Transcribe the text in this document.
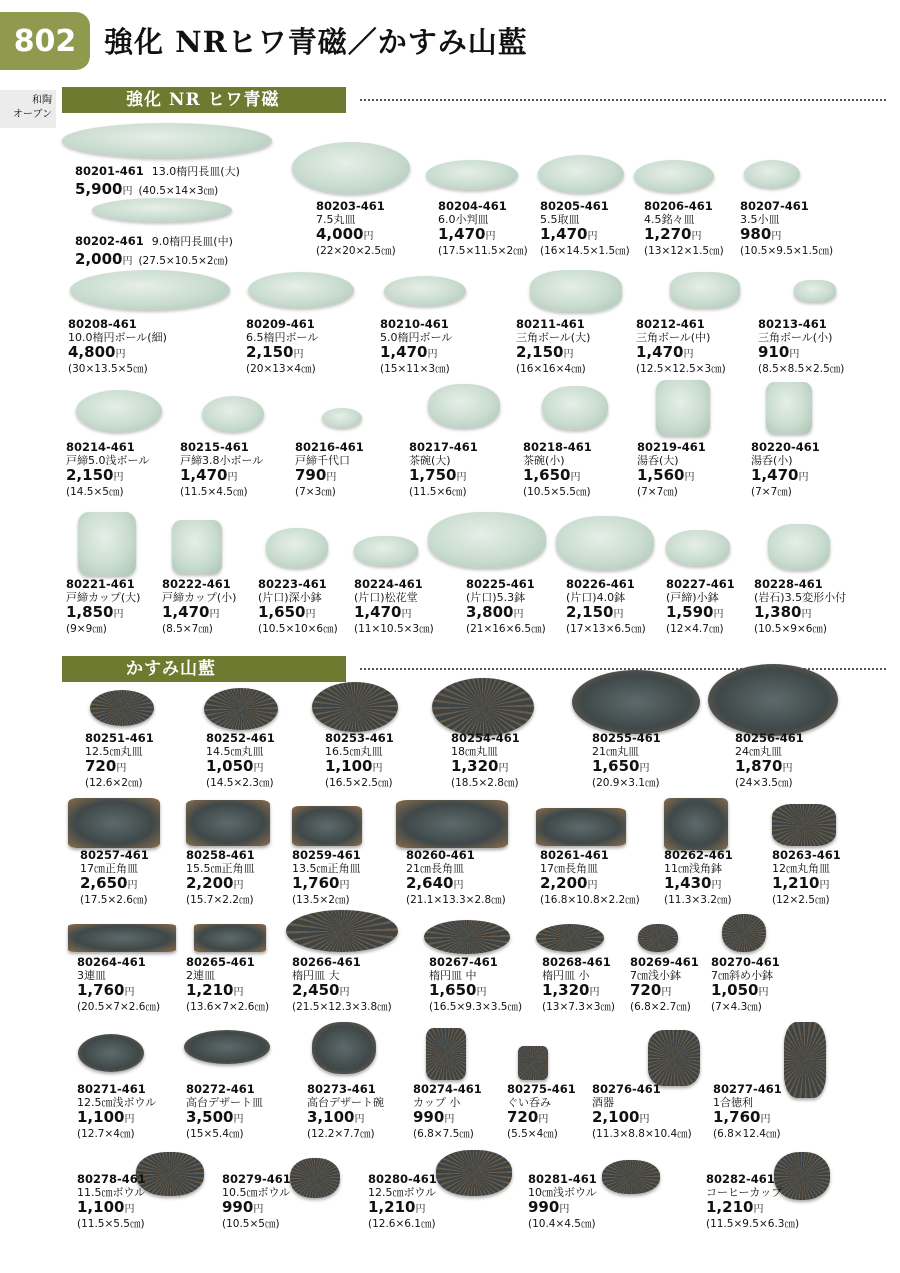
802 強化 NRヒワ青磁／かすみ山藍
和陶
オーブン
強化 NR ヒワ青磁
かすみ山藍
80201-461 13.0楕円長皿(大)
5,900円 (40.5×14×3㎝)
80202-461 9.0楕円長皿(中)
2,000円 (27.5×10.5×2㎝)
80203-461
7.5丸皿
4,000円
(22×20×2.5㎝)
80204-461
6.0小判皿
1,470円
(17.5×11.5×2㎝)
80205-461
5.5取皿
1,470円
(16×14.5×1.5㎝)
80206-461
4.5銘々皿
1,270円
(13×12×1.5㎝)
80207-461
3.5小皿
980円
(10.5×9.5×1.5㎝)
80208-461
10.0楕円ボール(細)
4,800円
(30×13.5×5㎝)
80209-461
6.5楕円ボール
2,150円
(20×13×4㎝)
80210-461
5.0楕円ボール
1,470円
(15×11×3㎝)
80211-461
三角ボール(大)
2,150円
(16×16×4㎝)
80212-461
三角ボール(中)
1,470円
(12.5×12.5×3㎝)
80213-461
三角ボール(小)
910円
(8.5×8.5×2.5㎝)
80214-461
戸締5.0浅ボール
2,150円
(14.5×5㎝)
80215-461
戸締3.8小ボール
1,470円
(11.5×4.5㎝)
80216-461
戸締千代口
790円
(7×3㎝)
80217-461
茶碗(大)
1,750円
(11.5×6㎝)
80218-461
茶碗(小)
1,650円
(10.5×5.5㎝)
80219-461
湯呑(大)
1,560円
(7×7㎝)
80220-461
湯呑(小)
1,470円
(7×7㎝)
80221-461
戸締カップ(大)
1,850円
(9×9㎝)
80222-461
戸締カップ(小)
1,470円
(8.5×7㎝)
80223-461
(片口)深小鉢
1,650円
(10.5×10×6㎝)
80224-461
(片口)松花堂
1,470円
(11×10.5×3㎝)
80225-461
(片口)5.3鉢
3,800円
(21×16×6.5㎝)
80226-461
(片口)4.0鉢
2,150円
(17×13×6.5㎝)
80227-461
(戸締)小鉢
1,590円
(12×4.7㎝)
80228-461
(岩石)3.5変形小付
1,380円
(10.5×9×6㎝)
80251-461
12.5㎝丸皿
720円
(12.6×2㎝)
80252-461
14.5㎝丸皿
1,050円
(14.5×2.3㎝)
80253-461
16.5㎝丸皿
1,100円
(16.5×2.5㎝)
80254-461
18㎝丸皿
1,320円
(18.5×2.8㎝)
80255-461
21㎝丸皿
1,650円
(20.9×3.1㎝)
80256-461
24㎝丸皿
1,870円
(24×3.5㎝)
80257-461
17㎝正角皿
2,650円
(17.5×2.6㎝)
80258-461
15.5㎝正角皿
2,200円
(15.7×2.2㎝)
80259-461
13.5㎝正角皿
1,760円
(13.5×2㎝)
80260-461
21㎝長角皿
2,640円
(21.1×13.3×2.8㎝)
80261-461
17㎝長角皿
2,200円
(16.8×10.8×2.2㎝)
80262-461
11㎝浅角鉢
1,430円
(11.3×3.2㎝)
80263-461
12㎝丸角皿
1,210円
(12×2.5㎝)
80264-461
3連皿
1,760円
(20.5×7×2.6㎝)
80265-461
2連皿
1,210円
(13.6×7×2.6㎝)
80266-461
楕円皿 大
2,450円
(21.5×12.3×3.8㎝)
80267-461
楕円皿 中
1,650円
(16.5×9.3×3.5㎝)
80268-461
楕円皿 小
1,320円
(13×7.3×3㎝)
80269-461
7㎝浅小鉢
720円
(6.8×2.7㎝)
80270-461
7㎝斜め小鉢
1,050円
(7×4.3㎝)
80271-461
12.5㎝浅ボウル
1,100円
(12.7×4㎝)
80272-461
高台デザート皿
3,500円
(15×5.4㎝)
80273-461
高台デザート碗
3,100円
(12.2×7.7㎝)
80274-461
カップ 小
990円
(6.8×7.5㎝)
80275-461
ぐい呑み
720円
(5.5×4㎝)
80276-461
酒器
2,100円
(11.3×8.8×10.4㎝)
80277-461
1合徳利
1,760円
(6.8×12.4㎝)
80278-461
11.5㎝ボウル
1,100円
(11.5×5.5㎝)
80279-461
10.5㎝ボウル
990円
(10.5×5㎝)
80280-461
12.5㎝ボウル
1,210円
(12.6×6.1㎝)
80281-461
10㎝浅ボウル
990円
(10.4×4.5㎝)
80282-461
コーヒーカップ
1,210円
(11.5×9.5×6.3㎝)
